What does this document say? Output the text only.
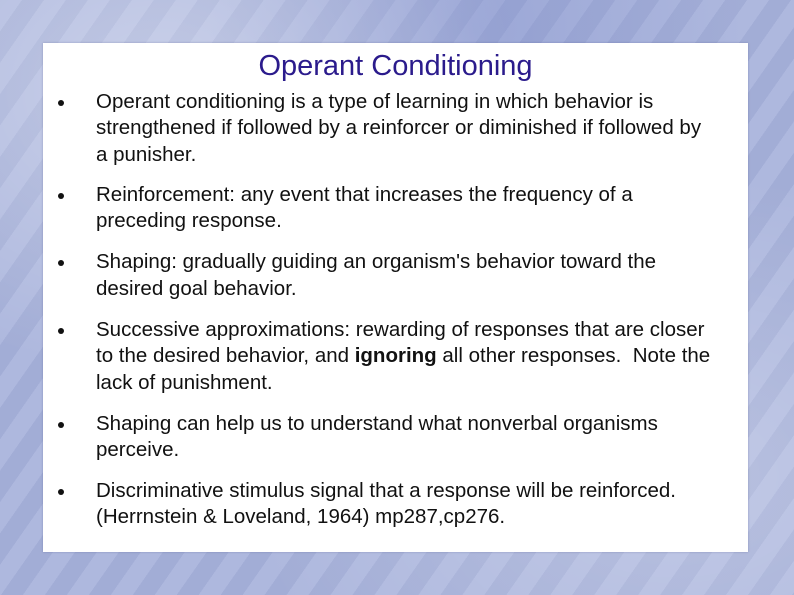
Operant Conditioning
Operant conditioning is a type of learning in which behavior is strengthened if followed by a reinforcer or diminished if followed by a punisher.
Reinforcement: any event that increases the frequency of a preceding response.
Shaping: gradually guiding an organism's behavior toward the desired goal behavior.
Successive approximations: rewarding of responses that are closer to the desired behavior, and ignoring all other responses.  Note the lack of punishment.
Shaping can help us to understand what nonverbal organisms perceive.
Discriminative stimulus signal that a response will be reinforced. (Herrnstein & Loveland, 1964) mp287,cp276.
